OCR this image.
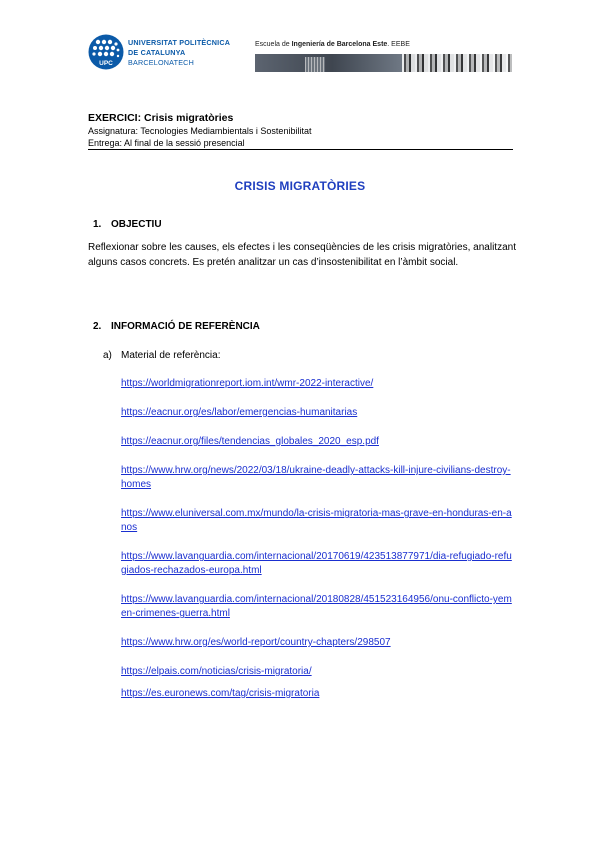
UPC
UNIVERSITAT POLITÈCNICA
DE CATALUNYA
BARCELONATECH
Escuela de Ingeniería de Barcelona Este. EEBE
EXERCICI: Crisis migratòries
Assignatura: Tecnologies Mediambientals i Sostenibilitat
Entrega: Al final de la sessió presencial
CRISIS MIGRATÒRIES
1. OBJECTIU
Reflexionar sobre les causes, els efectes i les conseqüències de les crisis migratòries, analitzant alguns casos concrets. Es pretén analitzar un cas d’insostenibilitat en l’àmbit social.
2. INFORMACIÓ DE REFERÈNCIA
a) Material de referència:
https://worldmigrationreport.iom.int/wmr-2022-interactive/
https://eacnur.org/es/labor/emergencias-humanitarias
https://eacnur.org/files/tendencias_globales_2020_esp.pdf
https://www.hrw.org/news/2022/03/18/ukraine-deadly-attacks-kill-injure-civilians-destroy-homes
https://www.eluniversal.com.mx/mundo/la-crisis-migratoria-mas-grave-en-honduras-en-anos
https://www.lavanguardia.com/internacional/20170619/423513877971/dia-refugiado-refugiados-rechazados-europa.html
https://www.lavanguardia.com/internacional/20180828/451523164956/onu-conflicto-yemen-crimenes-guerra.html
https://www.hrw.org/es/world-report/country-chapters/298507
https://elpais.com/noticias/crisis-migratoria/
https://es.euronews.com/tag/crisis-migratoria
